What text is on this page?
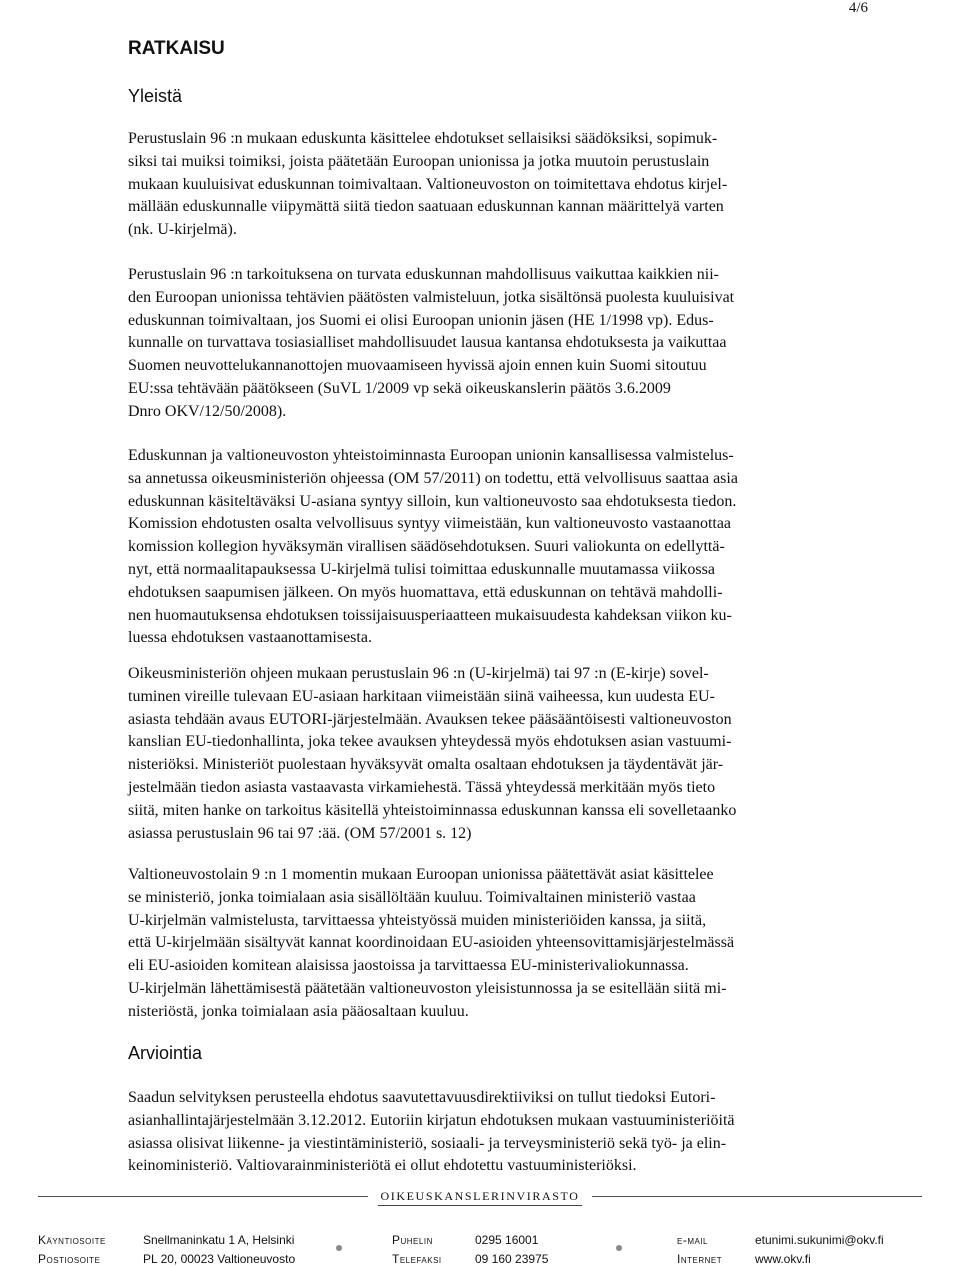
4/6
RATKAISU
Yleistä
Perustuslain 96 :n mukaan eduskunta käsittelee ehdotukset sellaisiksi säädöksiksi, sopimuk-
siksi tai muiksi toimiksi, joista päätetään Euroopan unionissa ja jotka muutoin perustuslain
mukaan kuuluisivat eduskunnan toimivaltaan. Valtioneuvoston on toimitettava ehdotus kirjel-
mällään eduskunnalle viipymättä siitä tiedon saatuaan eduskunnan kannan määrittelyä varten
(nk. U-kirjelmä).
Perustuslain 96 :n tarkoituksena on turvata eduskunnan mahdollisuus vaikuttaa kaikkien nii-
den Euroopan unionissa tehtävien päätösten valmisteluun, jotka sisältönsä puolesta kuuluisivat
eduskunnan toimivaltaan, jos Suomi ei olisi Euroopan unionin jäsen (HE 1/1998 vp). Edus-
kunnalle on turvattava tosiasialliset mahdollisuudet lausua kantansa ehdotuksesta ja vaikuttaa
Suomen neuvottelukannanottojen muovaamiseen hyvissä ajoin ennen kuin Suomi sitoutuu
EU:ssa tehtävään päätökseen (SuVL 1/2009 vp sekä oikeuskanslerin päätös 3.6.2009
Dnro OKV/12/50/2008).
Eduskunnan ja valtioneuvoston yhteistoiminnasta Euroopan unionin kansallisessa valmistelus-
sa annetussa oikeusministeriön ohjeessa (OM 57/2011) on todettu, että velvollisuus saattaa asia
eduskunnan käsiteltäväksi U-asiana syntyy silloin, kun valtioneuvosto saa ehdotuksesta tiedon.
Komission ehdotusten osalta velvollisuus syntyy viimeistään, kun valtioneuvosto vastaanottaa
komission kollegion hyväksymän virallisen säädösehdotuksen. Suuri valiokunta on edellyttä-
nyt, että normaalitapauksessa U-kirjelmä tulisi toimittaa eduskunnalle muutamassa viikossa
ehdotuksen saapumisen jälkeen. On myös huomattava, että eduskunnan on tehtävä mahdolli-
nen huomautuksensa ehdotuksen toissijaisuusperiaatteen mukaisuudesta kahdeksan viikon ku-
luessa ehdotuksen vastaanottamisesta.
Oikeusministeriön ohjeen mukaan perustuslain 96 :n (U-kirjelmä) tai 97 :n (E-kirje) sovel-
tuminen vireille tulevaan EU-asiaan harkitaan viimeistään siinä vaiheessa, kun uudesta EU-
asiasta tehdään avaus EUTORI-järjestelmään. Avauksen tekee pääsääntöisesti valtioneuvoston
kanslian EU-tiedonhallinta, joka tekee avauksen yhteydessä myös ehdotuksen asian vastuumi-
nisteriöksi. Ministeriöt puolestaan hyväksyvät omalta osaltaan ehdotuksen ja täydentävät jär-
jestelmään tiedon asiasta vastaavasta virkamiehestä. Tässä yhteydessä merkitään myös tieto
siitä, miten hanke on tarkoitus käsitellä yhteistoiminnassa eduskunnan kanssa eli sovelletaanko
asiassa perustuslain 96 tai 97 :ää. (OM 57/2001 s. 12)
Valtioneuvostolain 9 :n 1 momentin mukaan Euroopan unionissa päätettävät asiat käsittelee
se ministeriö, jonka toimialaan asia sisällöltään kuuluu. Toimivaltainen ministeriö vastaa
U-kirjelmän valmistelusta, tarvittaessa yhteistyössä muiden ministeriöiden kanssa, ja siitä,
että U-kirjelmään sisältyvät kannat koordinoidaan EU-asioiden yhteensovittamisjärjestelmässä
eli EU-asioiden komitean alaisissa jaostoissa ja tarvittaessa EU-ministerivaliokunnassa.
U-kirjelmän lähettämisestä päätetään valtioneuvoston yleisistunnossa ja se esitellään siitä mi-
nisteriöstä, jonka toimialaan asia pääosaltaan kuuluu.
Arviointia
Saadun selvityksen perusteella ehdotus saavutettavuusdirektiiviksi on tullut tiedoksi Eutori-
asianhallintajärjestelmään 3.12.2012. Eutoriin kirjatun ehdotuksen mukaan vastuuministeriöitä
asiassa olisivat liikenne- ja viestintäministeriö, sosiaali- ja terveysministeriö sekä työ- ja elin-
keinoministeriö. Valtiovarainministeriötä ei ollut ehdotettu vastuuministeriöksi.
OIKEUSKANSLERINVIRASTO
Käyntiosoite	Snellmaninkatu 1 A, Helsinki
Postiosoite	PL 20, 00023 Valtioneuvosto
Puhelin	0295 16001
Telefaksi	09 160 23975
e-mail	etunimi.sukunimi@okv.fi
Internet	www.okv.fi
